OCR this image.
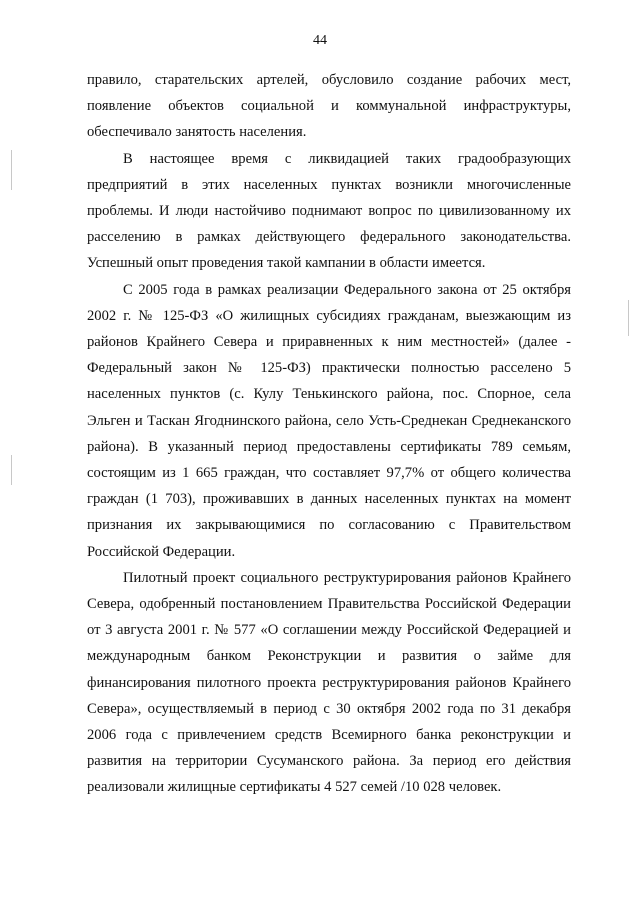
44

правило, старательских артелей, обусловило создание рабочих мест, появление объектов социальной и коммунальной инфраструктуры, обеспечивало занятость населения.

В настоящее время с ликвидацией таких градообразующих предприятий в этих населенных пунктах возникли многочисленные проблемы. И люди настойчиво поднимают вопрос по цивилизованному их расселению в рамках действующего федерального законодательства. Успешный опыт проведения такой кампании в области имеется.

С 2005 года в рамках реализации Федерального закона от 25 октября 2002 г. № 125-ФЗ «О жилищных субсидиях гражданам, выезжающим из районов Крайнего Севера и приравненных к ним местностей» (далее - Федеральный закон № 125-ФЗ) практически полностью расселено 5 населенных пунктов (с. Кулу Тенькинского района, пос. Спорное, села Эльген и Таскан Ягоднинского района, село Усть-Среднекан Среднеканского района). В указанный период предоставлены сертификаты 789 семьям, состоящим из 1 665 граждан, что составляет 97,7% от общего количества граждан (1 703), проживавших в данных населенных пунктах на момент признания их закрывающимися по согласованию с Правительством Российской Федерации.

Пилотный проект социального реструктурирования районов Крайнего Севера, одобренный постановлением Правительства Российской Федерации от 3 августа 2001 г. № 577 «О соглашении между Российской Федерацией и международным банком Реконструкции и развития о займе для финансирования пилотного проекта реструктурирования районов Крайнего Севера», осуществляемый в период с 30 октября 2002 года по 31 декабря 2006 года с привлечением средств Всемирного банка реконструкции и развития на территории Сусуманского района. За период его действия реализовали жилищные сертификаты 4 527 семей /10 028 человек.
